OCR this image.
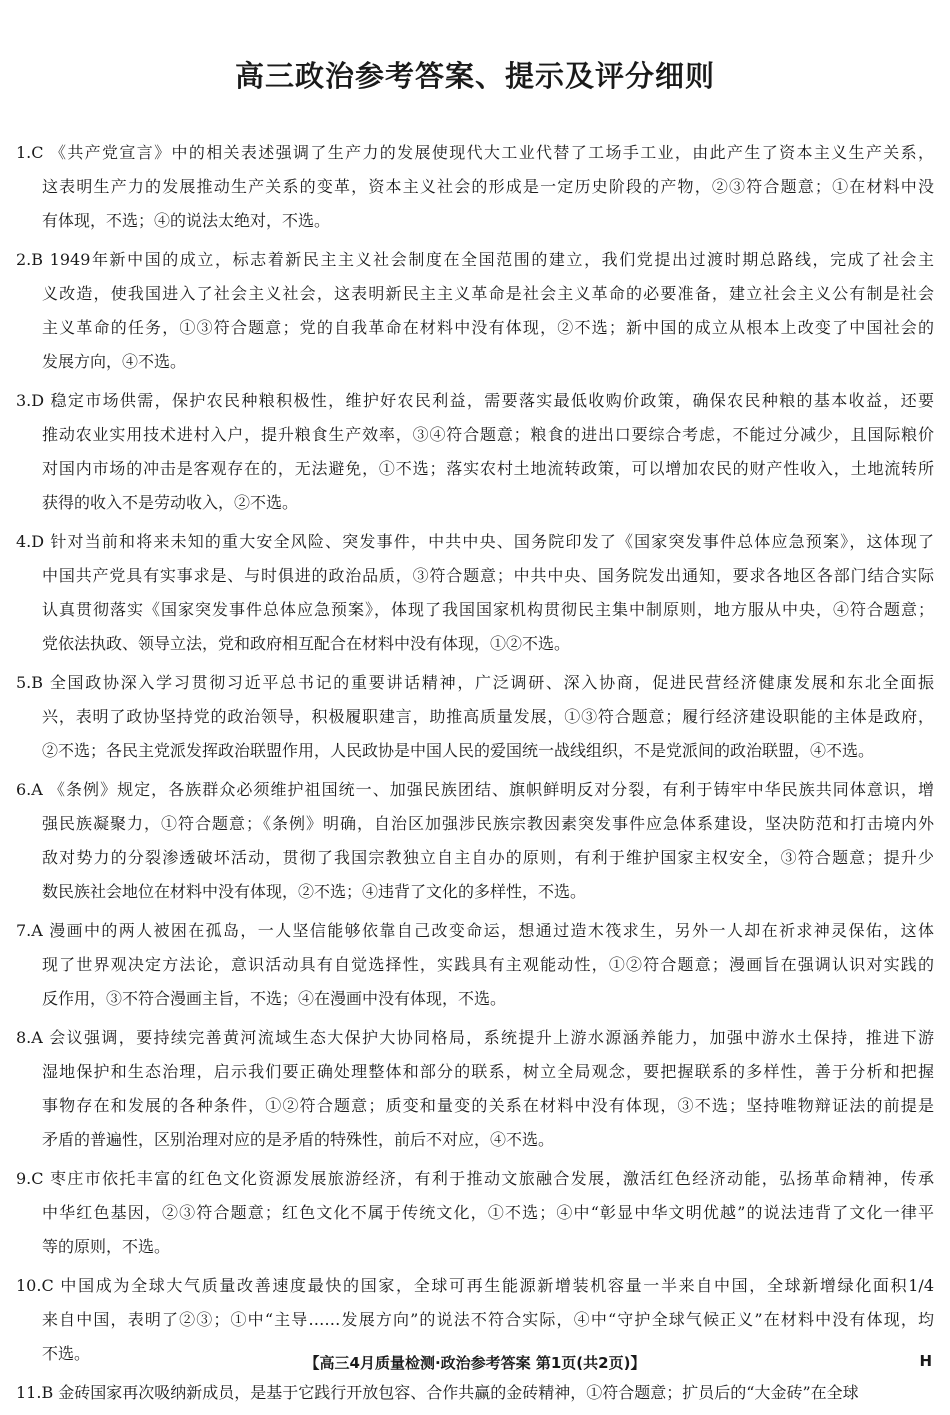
高三政治参考答案、提示及评分细则
1.C 《共产党宣言》中的相关表述强调了生产力的发展使现代大工业代替了工场手工业，由此产生了资本主义生产关系，
这表明生产力的发展推动生产关系的变革，资本主义社会的形成是一定历史阶段的产物，②③符合题意；①在材料中没
有体现，不选；④的说法太绝对，不选。
2.B 1949年新中国的成立，标志着新民主主义社会制度在全国范围的建立，我们党提出过渡时期总路线，完成了社会主
义改造，使我国进入了社会主义社会，这表明新民主主义革命是社会主义革命的必要准备，建立社会主义公有制是社会
主义革命的任务，①③符合题意；党的自我革命在材料中没有体现，②不选；新中国的成立从根本上改变了中国社会的
发展方向，④不选。
3.D 稳定市场供需，保护农民种粮积极性，维护好农民利益，需要落实最低收购价政策，确保农民种粮的基本收益，还要
推动农业实用技术进村入户，提升粮食生产效率，③④符合题意；粮食的进出口要综合考虑，不能过分减少，且国际粮价
对国内市场的冲击是客观存在的，无法避免，①不选；落实农村土地流转政策，可以增加农民的财产性收入，土地流转所
获得的收入不是劳动收入，②不选。
4.D 针对当前和将来未知的重大安全风险、突发事件，中共中央、国务院印发了《国家突发事件总体应急预案》，这体现了
中国共产党具有实事求是、与时俱进的政治品质，③符合题意；中共中央、国务院发出通知，要求各地区各部门结合实际
认真贯彻落实《国家突发事件总体应急预案》，体现了我国国家机构贯彻民主集中制原则，地方服从中央，④符合题意；
党依法执政、领导立法，党和政府相互配合在材料中没有体现，①②不选。
5.B 全国政协深入学习贯彻习近平总书记的重要讲话精神，广泛调研、深入协商，促进民营经济健康发展和东北全面振
兴，表明了政协坚持党的政治领导，积极履职建言，助推高质量发展，①③符合题意；履行经济建设职能的主体是政府，
②不选；各民主党派发挥政治联盟作用，人民政协是中国人民的爱国统一战线组织，不是党派间的政治联盟，④不选。
6.A 《条例》规定，各族群众必须维护祖国统一、加强民族团结、旗帜鲜明反对分裂，有利于铸牢中华民族共同体意识，增
强民族凝聚力，①符合题意；《条例》明确，自治区加强涉民族宗教因素突发事件应急体系建设，坚决防范和打击境内外
敌对势力的分裂渗透破坏活动，贯彻了我国宗教独立自主自办的原则，有利于维护国家主权安全，③符合题意；提升少
数民族社会地位在材料中没有体现，②不选；④违背了文化的多样性，不选。
7.A 漫画中的两人被困在孤岛，一人坚信能够依靠自己改变命运，想通过造木筏求生，另外一人却在祈求神灵保佑，这体
现了世界观决定方法论，意识活动具有自觉选择性，实践具有主观能动性，①②符合题意；漫画旨在强调认识对实践的
反作用，③不符合漫画主旨，不选；④在漫画中没有体现，不选。
8.A 会议强调，要持续完善黄河流域生态大保护大协同格局，系统提升上游水源涵养能力，加强中游水土保持，推进下游
湿地保护和生态治理，启示我们要正确处理整体和部分的联系，树立全局观念，要把握联系的多样性，善于分析和把握
事物存在和发展的各种条件，①②符合题意；质变和量变的关系在材料中没有体现，③不选；坚持唯物辩证法的前提是
矛盾的普遍性，区别治理对应的是矛盾的特殊性，前后不对应，④不选。
9.C 枣庄市依托丰富的红色文化资源发展旅游经济，有利于推动文旅融合发展，激活红色经济动能，弘扬革命精神，传承
中华红色基因，②③符合题意；红色文化不属于传统文化，①不选；④中“彰显中华文明优越”的说法违背了文化一律平
等的原则，不选。
10.C 中国成为全球大气质量改善速度最快的国家，全球可再生能源新增装机容量一半来自中国，全球新增绿化面积1/4
来自中国，表明了②③；①中“主导……发展方向”的说法不符合实际，④中“守护全球气候正义”在材料中没有体现，均
不选。
11.B 金砖国家再次吸纳新成员，是基于它践行开放包容、合作共赢的金砖精神，①符合题意；扩员后的“大金砖”在全球
【高三4月质量检测·政治参考答案 第1页(共2页)】	H
